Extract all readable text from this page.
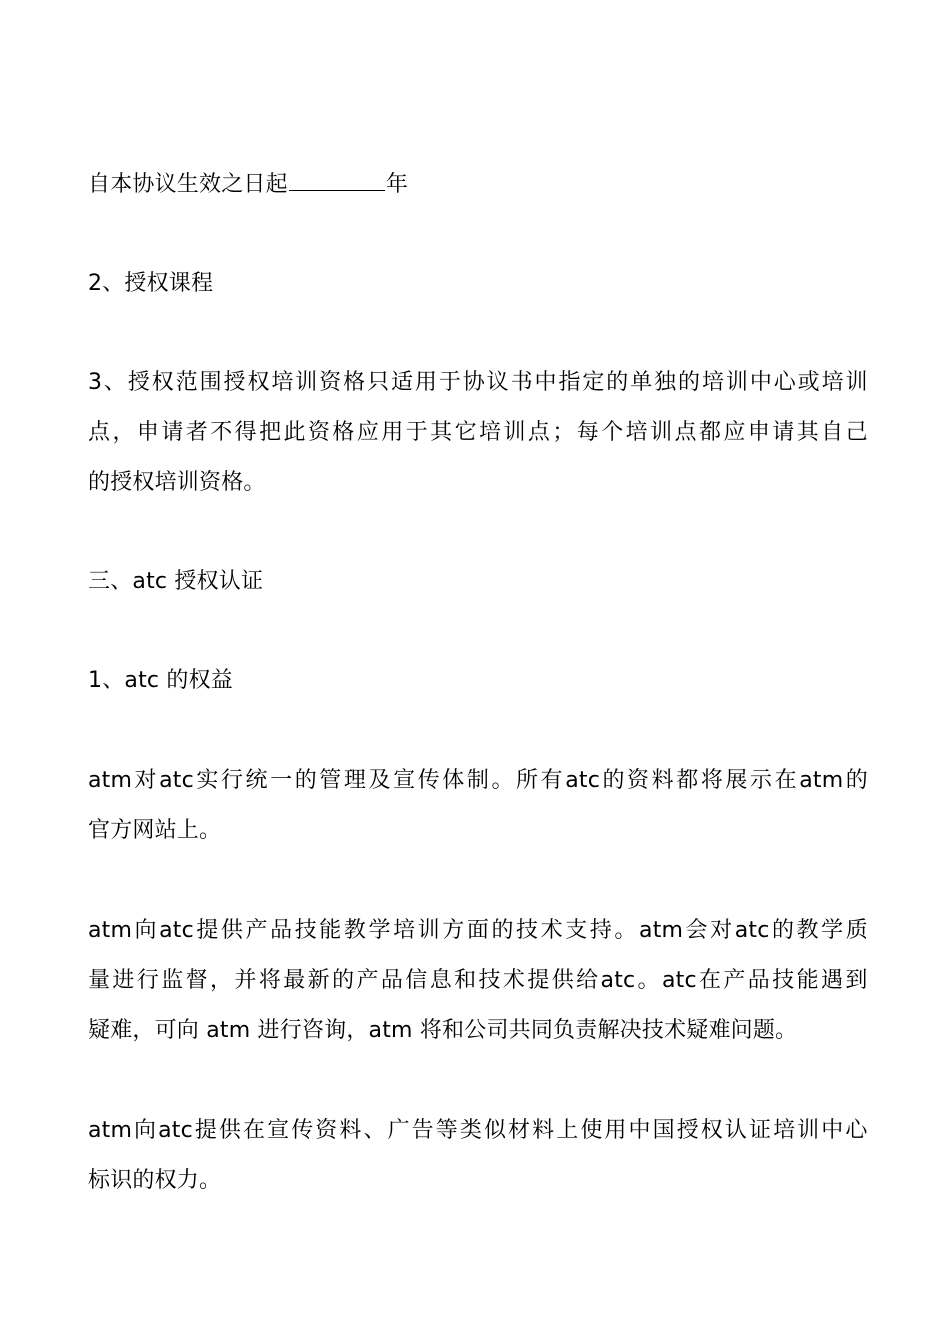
自本协议生效之日起	年

2、授权课程

3 、 授 权 范 围 授 权 培 训 资 格 只 适 用 于 协 议 书 中 指 定 的 单 独 的 培 训 中 心 或 培 训
点 ， 申 请 者 不 得 把 此 资 格 应 用 于 其 它 培 训 点 ； 每 个 培 训 点 都 应 申 请 其 自 己
的授权培训资格。

三、atc 授权认证

1、atc 的权益

atm 对 atc 实 行 统 一 的 管 理 及 宣 传 体 制 。 所 有 atc 的 资 料 都 将 展 示 在 atm 的
官方网站上。

atm 向 atc 提 供 产 品 技 能 教 学 培 训 方 面 的 技 术 支 持 。 atm 会 对 atc 的 教 学 质
量 进 行 监 督 ， 并 将 最 新 的 产 品 信 息 和 技 术 提 供 给 atc 。 atc 在 产 品 技 能 遇 到
疑难，可向 atm 进行咨询，atm 将和公司共同负责解决技术疑难问题。

atm 向 atc 提 供 在 宣 传 资 料 、 广 告 等 类 似 材 料 上 使 用 中 国 授 权 认 证 培 训 中 心
标识的权力。
